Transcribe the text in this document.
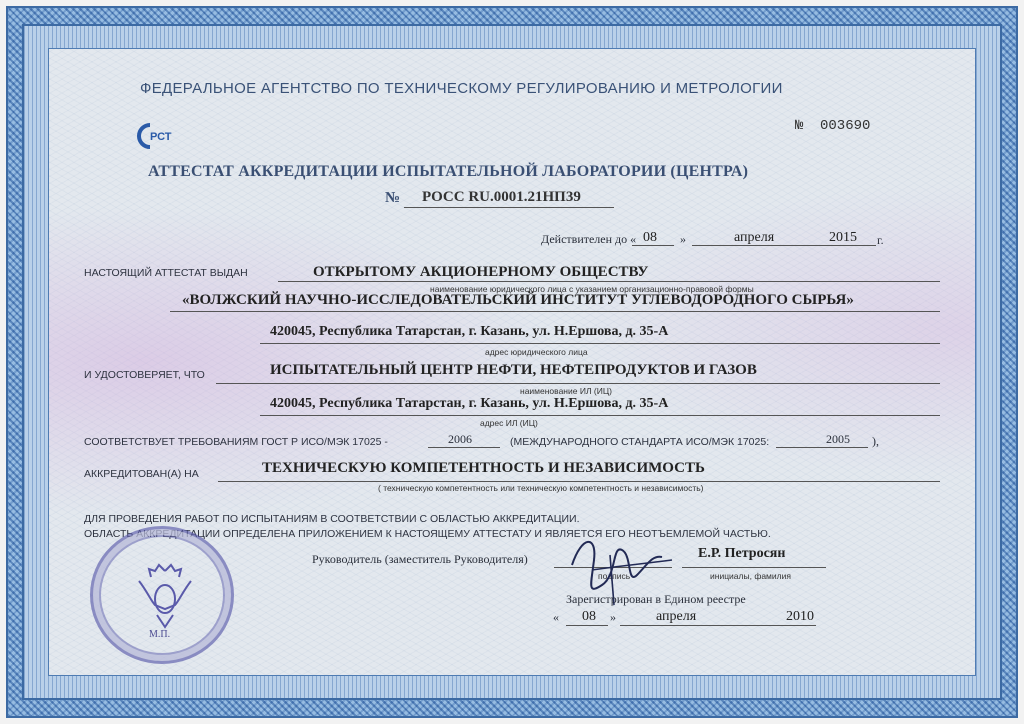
ФЕДЕРАЛЬНОЕ АГЕНТСТВО ПО ТЕХНИЧЕСКОМУ РЕГУЛИРОВАНИЮ И МЕТРОЛОГИИ
РСТ
№ 003690
АТТЕСТАТ АККРЕДИТАЦИИ ИСПЫТАТЕЛЬНОЙ ЛАБОРАТОРИИ (ЦЕНТРА)
№ РОСС RU.0001.21НП39
Действителен до « 08 »	апреля	2015 г.
НАСТОЯЩИЙ АТТЕСТАТ ВЫДАН	ОТКРЫТОМУ АКЦИОНЕРНОМУ ОБЩЕСТВУ
наименование юридического лица с указанием организационно-правовой формы
«ВОЛЖСКИЙ НАУЧНО-ИССЛЕДОВАТЕЛЬСКИЙ ИНСТИТУТ УГЛЕВОДОРОДНОГО СЫРЬЯ»
420045, Республика Татарстан, г. Казань, ул. Н.Ершова, д. 35-А
адрес юридического лица
И УДОСТОВЕРЯЕТ, ЧТО	ИСПЫТАТЕЛЬНЫЙ ЦЕНТР НЕФТИ, НЕФТЕПРОДУКТОВ И ГАЗОВ
наименование ИЛ (ИЦ)
420045, Республика Татарстан, г. Казань, ул. Н.Ершова, д. 35-А
адрес ИЛ (ИЦ)
СООТВЕТСТВУЕТ ТРЕБОВАНИЯМ ГОСТ Р ИСО/МЭК 17025 -	2006	(МЕЖДУНАРОДНОГО СТАНДАРТА ИСО/МЭК 17025:	2005 ),
АККРЕДИТОВАН(А) НА	ТЕХНИЧЕСКУЮ КОМПЕТЕНТНОСТЬ И НЕЗАВИСИМОСТЬ
( техническую компетентность или техническую компетентность и независимость)
ДЛЯ ПРОВЕДЕНИЯ РАБОТ ПО ИСПЫТАНИЯМ В СООТВЕТСТВИИ С ОБЛАСТЬЮ АККРЕДИТАЦИИ.
ОБЛАСТЬ АККРЕДИТАЦИИ ОПРЕДЕЛЕНА ПРИЛОЖЕНИЕМ К НАСТОЯЩЕМУ АТТЕСТАТУ И ЯВЛЯЕТСЯ ЕГО НЕОТЪЕМЛЕМОЙ ЧАСТЬЮ.
Руководитель (заместитель Руководителя)
подпись
Е.Р. Петросян
инициалы, фамилия
Зарегистрирован в Едином реестре
« 08 »	апреля	2010
М.П.
